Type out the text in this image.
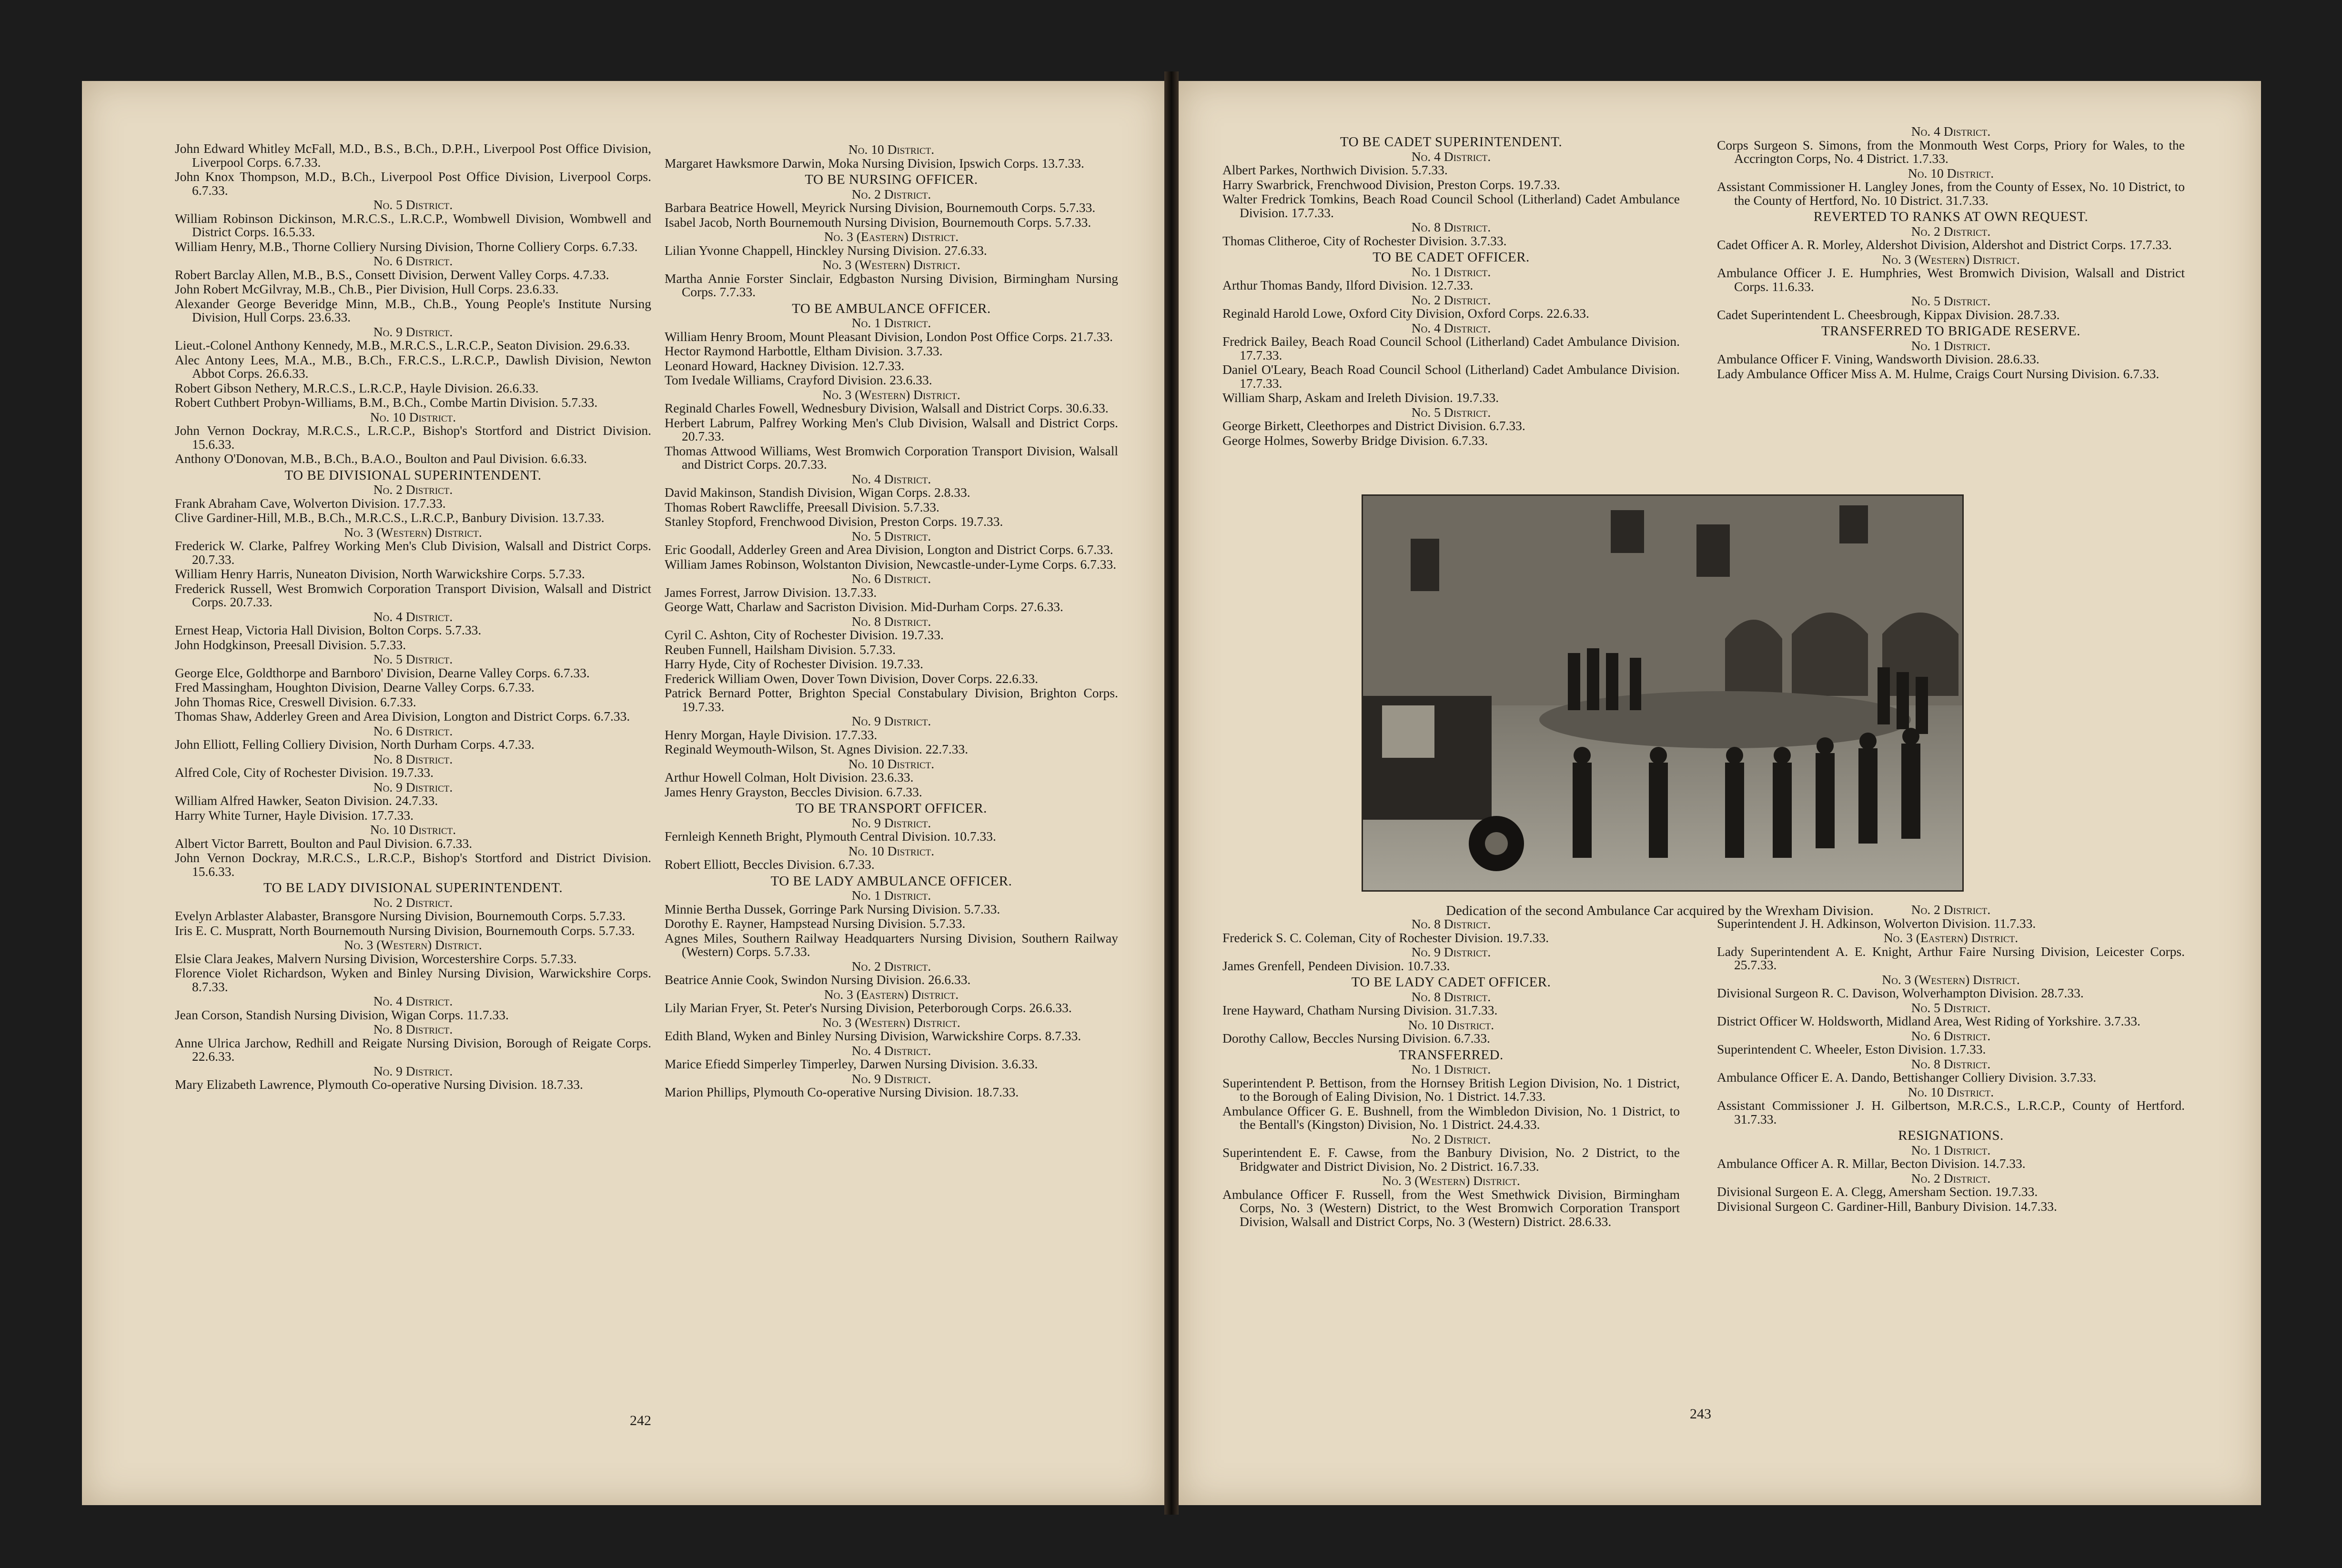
John Edward Whitley McFall, M.D., B.S., B.Ch., D.P.H., Liverpool Post Office Division, Liverpool Corps. 6.7.33.

John Knox Thompson, M.D., B.Ch., Liverpool Post Office Division, Liverpool Corps. 6.7.33.

No. 5 District.

William Robinson Dickinson, M.R.C.S., L.R.C.P., Wombwell Division, Wombwell and District Corps. 16.5.33.

William Henry, M.B., Thorne Colliery Nursing Division, Thorne Colliery Corps. 6.7.33.

No. 6 District.

Robert Barclay Allen, M.B., B.S., Consett Division, Derwent Valley Corps. 4.7.33.

John Robert McGilvray, M.B., Ch.B., Pier Division, Hull Corps. 23.6.33.

Alexander George Beveridge Minn, M.B., Ch.B., Young People's Institute Nursing Division, Hull Corps. 23.6.33.

No. 9 District.

Lieut.-Colonel Anthony Kennedy, M.B., M.R.C.S., L.R.C.P., Seaton Division. 29.6.33.

Alec Antony Lees, M.A., M.B., B.Ch., F.R.C.S., L.R.C.P., Dawlish Division, Newton Abbot Corps. 26.6.33.

Robert Gibson Nethery, M.R.C.S., L.R.C.P., Hayle Division. 26.6.33.

Robert Cuthbert Probyn-Williams, B.M., B.Ch., Combe Martin Division. 5.7.33.

No. 10 District.

John Vernon Dockray, M.R.C.S., L.R.C.P., Bishop's Stortford and District Division. 15.6.33.

Anthony O'Donovan, M.B., B.Ch., B.A.O., Boulton and Paul Division. 6.6.33.

TO BE DIVISIONAL SUPERINTENDENT.

No. 2 District.

Frank Abraham Cave, Wolverton Division. 17.7.33.

Clive Gardiner-Hill, M.B., B.Ch., M.R.C.S., L.R.C.P., Banbury Division. 13.7.33.

No. 3 (Western) District.

Frederick W. Clarke, Palfrey Working Men's Club Division, Walsall and District Corps. 20.7.33.

William Henry Harris, Nuneaton Division, North Warwickshire Corps. 5.7.33.

Frederick Russell, West Bromwich Corporation Transport Division, Walsall and District Corps. 20.7.33.

No. 4 District.

Ernest Heap, Victoria Hall Division, Bolton Corps. 5.7.33.

John Hodgkinson, Preesall Division. 5.7.33.

No. 5 District.

George Elce, Goldthorpe and Barnboro' Division, Dearne Valley Corps. 6.7.33.

Fred Massingham, Houghton Division, Dearne Valley Corps. 6.7.33.

John Thomas Rice, Creswell Division. 6.7.33.

Thomas Shaw, Adderley Green and Area Division, Longton and District Corps. 6.7.33.

No. 6 District.

John Elliott, Felling Colliery Division, North Durham Corps. 4.7.33.

No. 8 District.

Alfred Cole, City of Rochester Division. 19.7.33.

No. 9 District.

William Alfred Hawker, Seaton Division. 24.7.33.

Harry White Turner, Hayle Division. 17.7.33.

No. 10 District.

Albert Victor Barrett, Boulton and Paul Division. 6.7.33.

John Vernon Dockray, M.R.C.S., L.R.C.P., Bishop's Stortford and District Division. 15.6.33.

TO BE LADY DIVISIONAL SUPERINTENDENT.

No. 2 District.

Evelyn Arblaster Alabaster, Bransgore Nursing Division, Bournemouth Corps. 5.7.33.

Iris E. C. Muspratt, North Bournemouth Nursing Division, Bournemouth Corps. 5.7.33.

No. 3 (Western) District.

Elsie Clara Jeakes, Malvern Nursing Division, Worcestershire Corps. 5.7.33.

Florence Violet Richardson, Wyken and Binley Nursing Division, Warwickshire Corps. 8.7.33.

No. 4 District.

Jean Corson, Standish Nursing Division, Wigan Corps. 11.7.33.

No. 8 District.

Anne Ulrica Jarchow, Redhill and Reigate Nursing Division, Borough of Reigate Corps. 22.6.33.

No. 9 District.

Mary Elizabeth Lawrence, Plymouth Co-operative Nursing Division. 18.7.33.

No. 10 District.

Margaret Hawksmore Darwin, Moka Nursing Division, Ipswich Corps. 13.7.33.

TO BE NURSING OFFICER.

No. 2 District.

Barbara Beatrice Howell, Meyrick Nursing Division, Bournemouth Corps. 5.7.33.

Isabel Jacob, North Bournemouth Nursing Division, Bournemouth Corps. 5.7.33.

No. 3 (Eastern) District.

Lilian Yvonne Chappell, Hinckley Nursing Division. 27.6.33.

No. 3 (Western) District.

Martha Annie Forster Sinclair, Edgbaston Nursing Division, Birmingham Nursing Corps. 7.7.33.

TO BE AMBULANCE OFFICER.

No. 1 District.

William Henry Broom, Mount Pleasant Division, London Post Office Corps. 21.7.33.

Hector Raymond Harbottle, Eltham Division. 3.7.33.

Leonard Howard, Hackney Division. 12.7.33.

Tom Ivedale Williams, Crayford Division. 23.6.33.

No. 3 (Western) District.

Reginald Charles Fowell, Wednesbury Division, Walsall and District Corps. 30.6.33.

Herbert Labrum, Palfrey Working Men's Club Division, Walsall and District Corps. 20.7.33.

Thomas Attwood Williams, West Bromwich Corporation Transport Division, Walsall and District Corps. 20.7.33.

No. 4 District.

David Makinson, Standish Division, Wigan Corps. 2.8.33.

Thomas Robert Rawcliffe, Preesall Division. 5.7.33.

Stanley Stopford, Frenchwood Division, Preston Corps. 19.7.33.

No. 5 District.

Eric Goodall, Adderley Green and Area Division, Longton and District Corps. 6.7.33.

William James Robinson, Wolstanton Division, Newcastle-under-Lyme Corps. 6.7.33.

No. 6 District.

James Forrest, Jarrow Division. 13.7.33.

George Watt, Charlaw and Sacriston Division. Mid-Durham Corps. 27.6.33.

No. 8 District.

Cyril C. Ashton, City of Rochester Division. 19.7.33.

Reuben Funnell, Hailsham Division. 5.7.33.

Harry Hyde, City of Rochester Division. 19.7.33.

Frederick William Owen, Dover Town Division, Dover Corps. 22.6.33.

Patrick Bernard Potter, Brighton Special Constabulary Division, Brighton Corps. 19.7.33.

No. 9 District.

Henry Morgan, Hayle Division. 17.7.33.

Reginald Weymouth-Wilson, St. Agnes Division. 22.7.33.

No. 10 District.

Arthur Howell Colman, Holt Division. 23.6.33.

James Henry Grayston, Beccles Division. 6.7.33.

TO BE TRANSPORT OFFICER.

No. 9 District.

Fernleigh Kenneth Bright, Plymouth Central Division. 10.7.33.

No. 10 District.

Robert Elliott, Beccles Division. 6.7.33.

TO BE LADY AMBULANCE OFFICER.

No. 1 District.

Minnie Bertha Dussek, Gorringe Park Nursing Division. 5.7.33.

Dorothy E. Rayner, Hampstead Nursing Division. 5.7.33.

Agnes Miles, Southern Railway Headquarters Nursing Division, Southern Railway (Western) Corps. 5.7.33.

No. 2 District.

Beatrice Annie Cook, Swindon Nursing Division. 26.6.33.

No. 3 (Eastern) District.

Lily Marian Fryer, St. Peter's Nursing Division, Peterborough Corps. 26.6.33.

No. 3 (Western) District.

Edith Bland, Wyken and Binley Nursing Division, Warwickshire Corps. 8.7.33.

No. 4 District.

Marice Efiedd Simperley Timperley, Darwen Nursing Division. 3.6.33.

No. 9 District.

Marion Phillips, Plymouth Co-operative Nursing Division. 18.7.33.

242

TO BE CADET SUPERINTENDENT.

No. 4 District.

Albert Parkes, Northwich Division. 5.7.33.

Harry Swarbrick, Frenchwood Division, Preston Corps. 19.7.33.

Walter Fredrick Tomkins, Beach Road Council School (Litherland) Cadet Ambulance Division. 17.7.33.

No. 8 District.

Thomas Clitheroe, City of Rochester Division. 3.7.33.

TO BE CADET OFFICER.

No. 1 District.

Arthur Thomas Bandy, Ilford Division. 12.7.33.

No. 2 District.

Reginald Harold Lowe, Oxford City Division, Oxford Corps. 22.6.33.

No. 4 District.

Fredrick Bailey, Beach Road Council School (Litherland) Cadet Ambulance Division. 17.7.33.

Daniel O'Leary, Beach Road Council School (Litherland) Cadet Ambulance Division. 17.7.33.

William Sharp, Askam and Ireleth Division. 19.7.33.

No. 5 District.

George Birkett, Cleethorpes and District Division. 6.7.33.

George Holmes, Sowerby Bridge Division. 6.7.33.

No. 4 District.

Corps Surgeon S. Simons, from the Monmouth West Corps, Priory for Wales, to the Accrington Corps, No. 4 District. 1.7.33.

No. 10 District.

Assistant Commissioner H. Langley Jones, from the County of Essex, No. 10 District, to the County of Hertford, No. 10 District. 31.7.33.

REVERTED TO RANKS AT OWN REQUEST.

No. 2 District.

Cadet Officer A. R. Morley, Aldershot Division, Aldershot and District Corps. 17.7.33.

No. 3 (Western) District.

Ambulance Officer J. E. Humphries, West Bromwich Division, Walsall and District Corps. 11.6.33.

No. 5 District.

Cadet Superintendent L. Cheesbrough, Kippax Division. 28.7.33.

TRANSFERRED TO BRIGADE RESERVE.

No. 1 District.

Ambulance Officer F. Vining, Wandsworth Division. 28.6.33.

Lady Ambulance Officer Miss A. M. Hulme, Craigs Court Nursing Division. 6.7.33.

Dedication of the second Ambulance Car acquired by the Wrexham Division.

No. 8 District.

Frederick S. C. Coleman, City of Rochester Division. 19.7.33.

No. 9 District.

James Grenfell, Pendeen Division. 10.7.33.

TO BE LADY CADET OFFICER.

No. 8 District.

Irene Hayward, Chatham Nursing Division. 31.7.33.

No. 10 District.

Dorothy Callow, Beccles Nursing Division. 6.7.33.

TRANSFERRED.

No. 1 District.

Superintendent P. Bettison, from the Hornsey British Legion Division, No. 1 District, to the Borough of Ealing Division, No. 1 District. 14.7.33.

Ambulance Officer G. E. Bushnell, from the Wimbledon Division, No. 1 District, to the Bentall's (Kingston) Division, No. 1 District. 24.4.33.

No. 2 District.

Superintendent E. F. Cawse, from the Banbury Division, No. 2 District, to the Bridgwater and District Division, No. 2 District. 16.7.33.

No. 3 (Western) District.

Ambulance Officer F. Russell, from the West Smethwick Division, Birmingham Corps, No. 3 (Western) District, to the West Bromwich Corporation Transport Division, Walsall and District Corps, No. 3 (Western) District. 28.6.33.

No. 2 District.

Superintendent J. H. Adkinson, Wolverton Division. 11.7.33.

No. 3 (Eastern) District.

Lady Superintendent A. E. Knight, Arthur Faire Nursing Division, Leicester Corps. 25.7.33.

No. 3 (Western) District.

Divisional Surgeon R. C. Davison, Wolverhampton Division. 28.7.33.

No. 5 District.

District Officer W. Holdsworth, Midland Area, West Riding of Yorkshire. 3.7.33.

No. 6 District.

Superintendent C. Wheeler, Eston Division. 1.7.33.

No. 8 District.

Ambulance Officer E. A. Dando, Bettishanger Colliery Division. 3.7.33.

No. 10 District.

Assistant Commissioner J. H. Gilbertson, M.R.C.S., L.R.C.P., County of Hertford. 31.7.33.

RESIGNATIONS.

No. 1 District.

Ambulance Officer A. R. Millar, Becton Division. 14.7.33.

No. 2 District.

Divisional Surgeon E. A. Clegg, Amersham Section. 19.7.33.

Divisional Surgeon C. Gardiner-Hill, Banbury Division. 14.7.33.

243
